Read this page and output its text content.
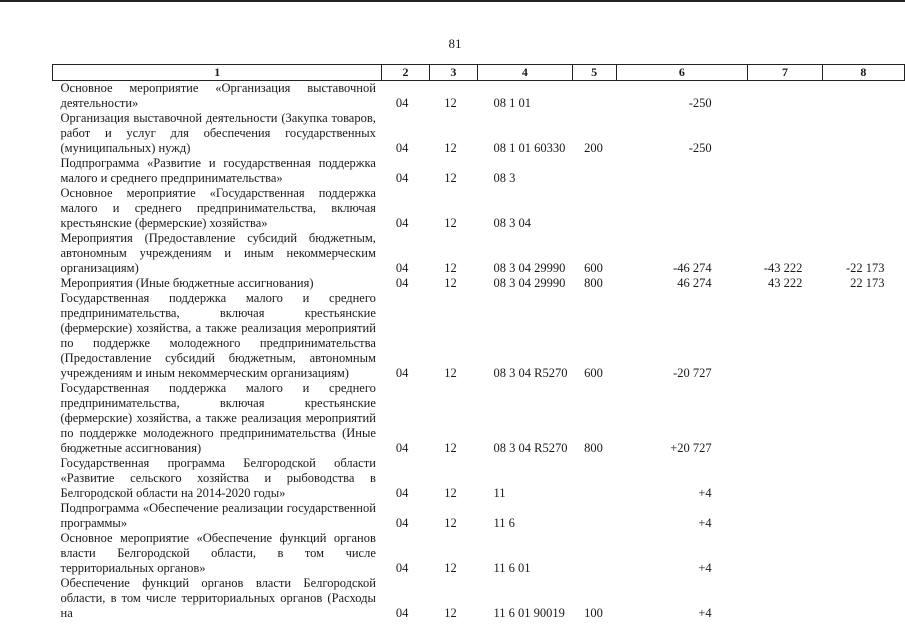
81
1	2	3	4	5	6	7	8
Основное мероприятие «Организация выставочной деятельности»	04	12	08 1 01		-250		
Организация выставочной деятельности (Закупка товаров, работ и услуг для обеспечения государственных (муниципальных) нужд)	04	12	08 1 01 60330	200	-250		
Подпрограмма «Развитие и государственная поддержка малого и среднего предпринимательства»	04	12	08 3				
Основное мероприятие «Государственная поддержка малого и среднего предпринимательства, включая крестьянские (фермерские) хозяйства»	04	12	08 3 04				
Мероприятия (Предоставление субсидий бюджетным, автономным учреждениям и иным некоммерческим организациям)	04	12	08 3 04 29990	600	-46 274	-43 222	-22 173
Мероприятия (Иные бюджетные ассигнования)	04	12	08 3 04 29990	800	46 274	43 222	22 173
Государственная поддержка малого и среднего предпринимательства, включая крестьянские (фермерские) хозяйства, а также реализация мероприятий по поддержке молодежного предпринимательства (Предоставление субсидий бюджетным, автономным учреждениям и иным некоммерческим организациям)	04	12	08 3 04 R5270	600	-20 727		
Государственная поддержка малого и среднего предпринимательства, включая крестьянские (фермерские) хозяйства, а также реализация мероприятий по поддержке молодежного предпринимательства (Иные бюджетные ассигнования)	04	12	08 3 04 R5270	800	+20 727		
Государственная программа Белгородской области «Развитие сельского хозяйства и рыбоводства в Белгородской области на 2014-2020 годы»	04	12	11		+4		
Подпрограмма «Обеспечение реализации государственной программы»	04	12	11 6		+4		
Основное мероприятие «Обеспечение функций органов власти Белгородской области, в том числе территориальных органов»	04	12	11 6 01		+4		
Обеспечение функций органов власти Белгородской области, в том числе территориальных органов (Расходы на	04	12	11 6 01 90019	100	+4		
